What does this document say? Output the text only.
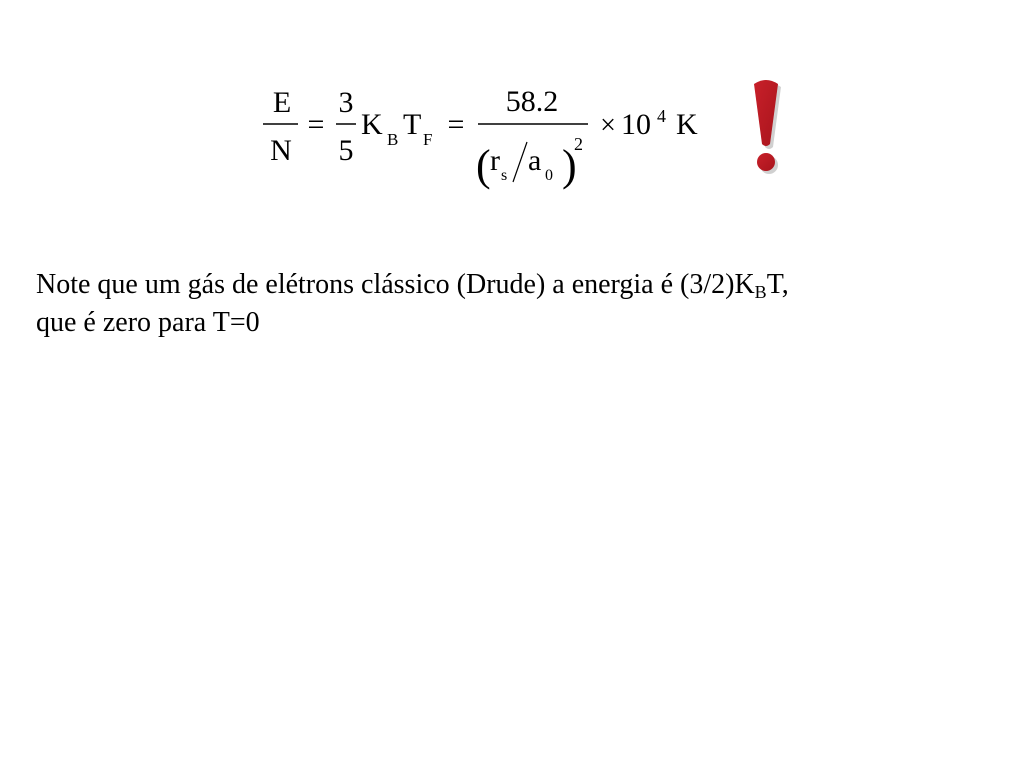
E
N
=
3
5
K B T F =
58.2
( r s a 0 )
2
× 10 4 K
Note que um gás de elétrons clássico (Drude) a energia é $(3/2)K_BT$,
que é zero para T=0
